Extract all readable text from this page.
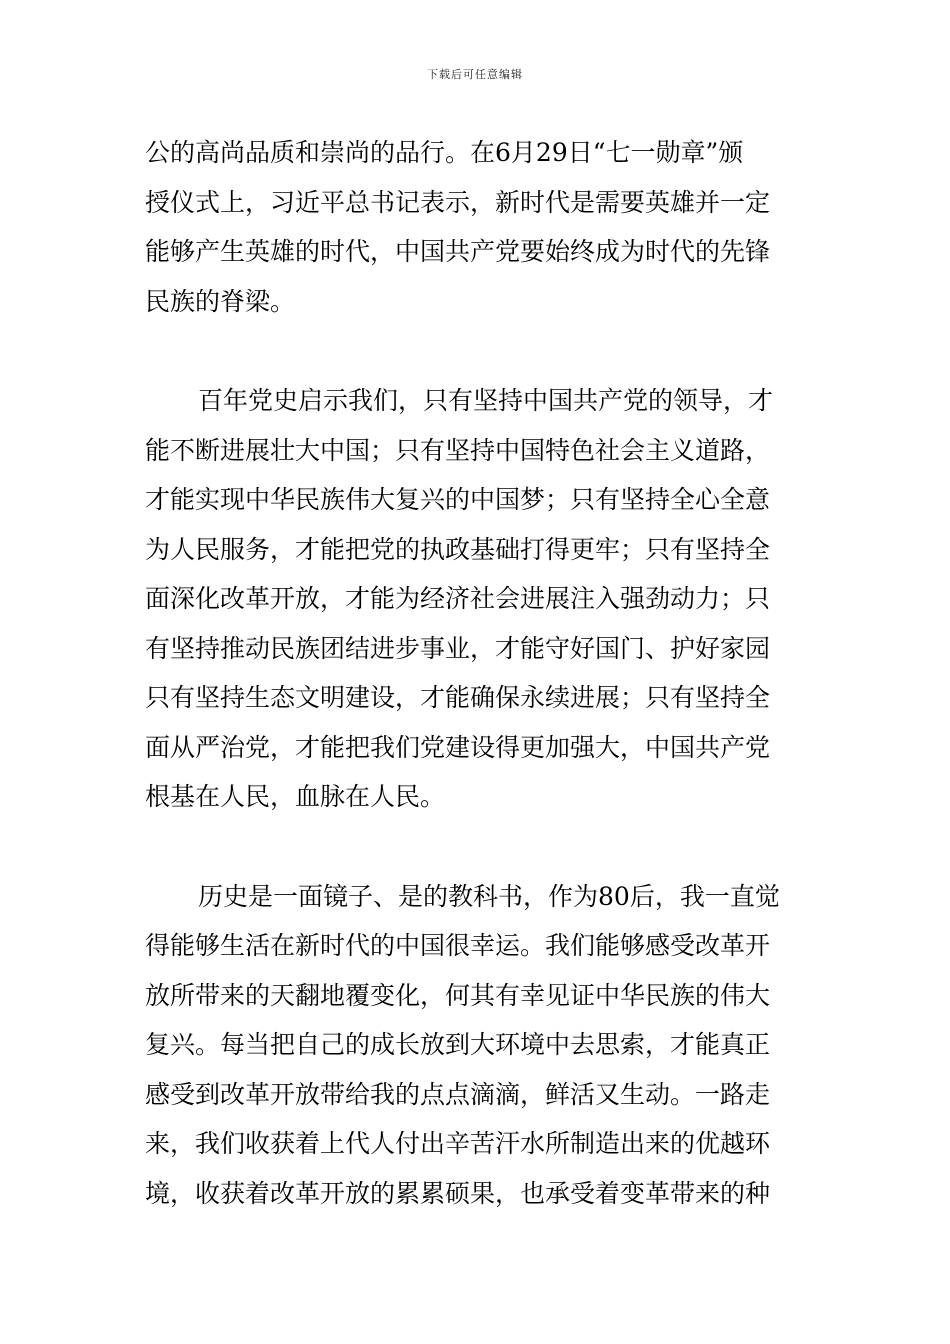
下载后可任意编辑
公的高尚品质和崇尚的品行。在6月29日“七一勋章”颁
授仪式上，习近平总书记表示，新时代是需要英雄并一定
能够产生英雄的时代，中国共产党要始终成为时代的先锋
民族的脊梁。
百年党史启示我们，只有坚持中国共产党的领导，才
能不断进展壮大中国；只有坚持中国特色社会主义道路，
才能实现中华民族伟大复兴的中国梦；只有坚持全心全意
为人民服务，才能把党的执政基础打得更牢；只有坚持全
面深化改革开放，才能为经济社会进展注入强劲动力；只
有坚持推动民族团结进步事业，才能守好国门、护好家园
只有坚持生态文明建设，才能确保永续进展；只有坚持全
面从严治党，才能把我们党建设得更加强大，中国共产党
根基在人民，血脉在人民。
历史是一面镜子、是的教科书，作为80后，我一直觉
得能够生活在新时代的中国很幸运。我们能够感受改革开
放所带来的天翻地覆变化，何其有幸见证中华民族的伟大
复兴。每当把自己的成长放到大环境中去思索，才能真正
感受到改革开放带给我的点点滴滴，鲜活又生动。一路走
来，我们收获着上代人付出辛苦汗水所制造出来的优越环
境，收获着改革开放的累累硕果，也承受着变革带来的种
